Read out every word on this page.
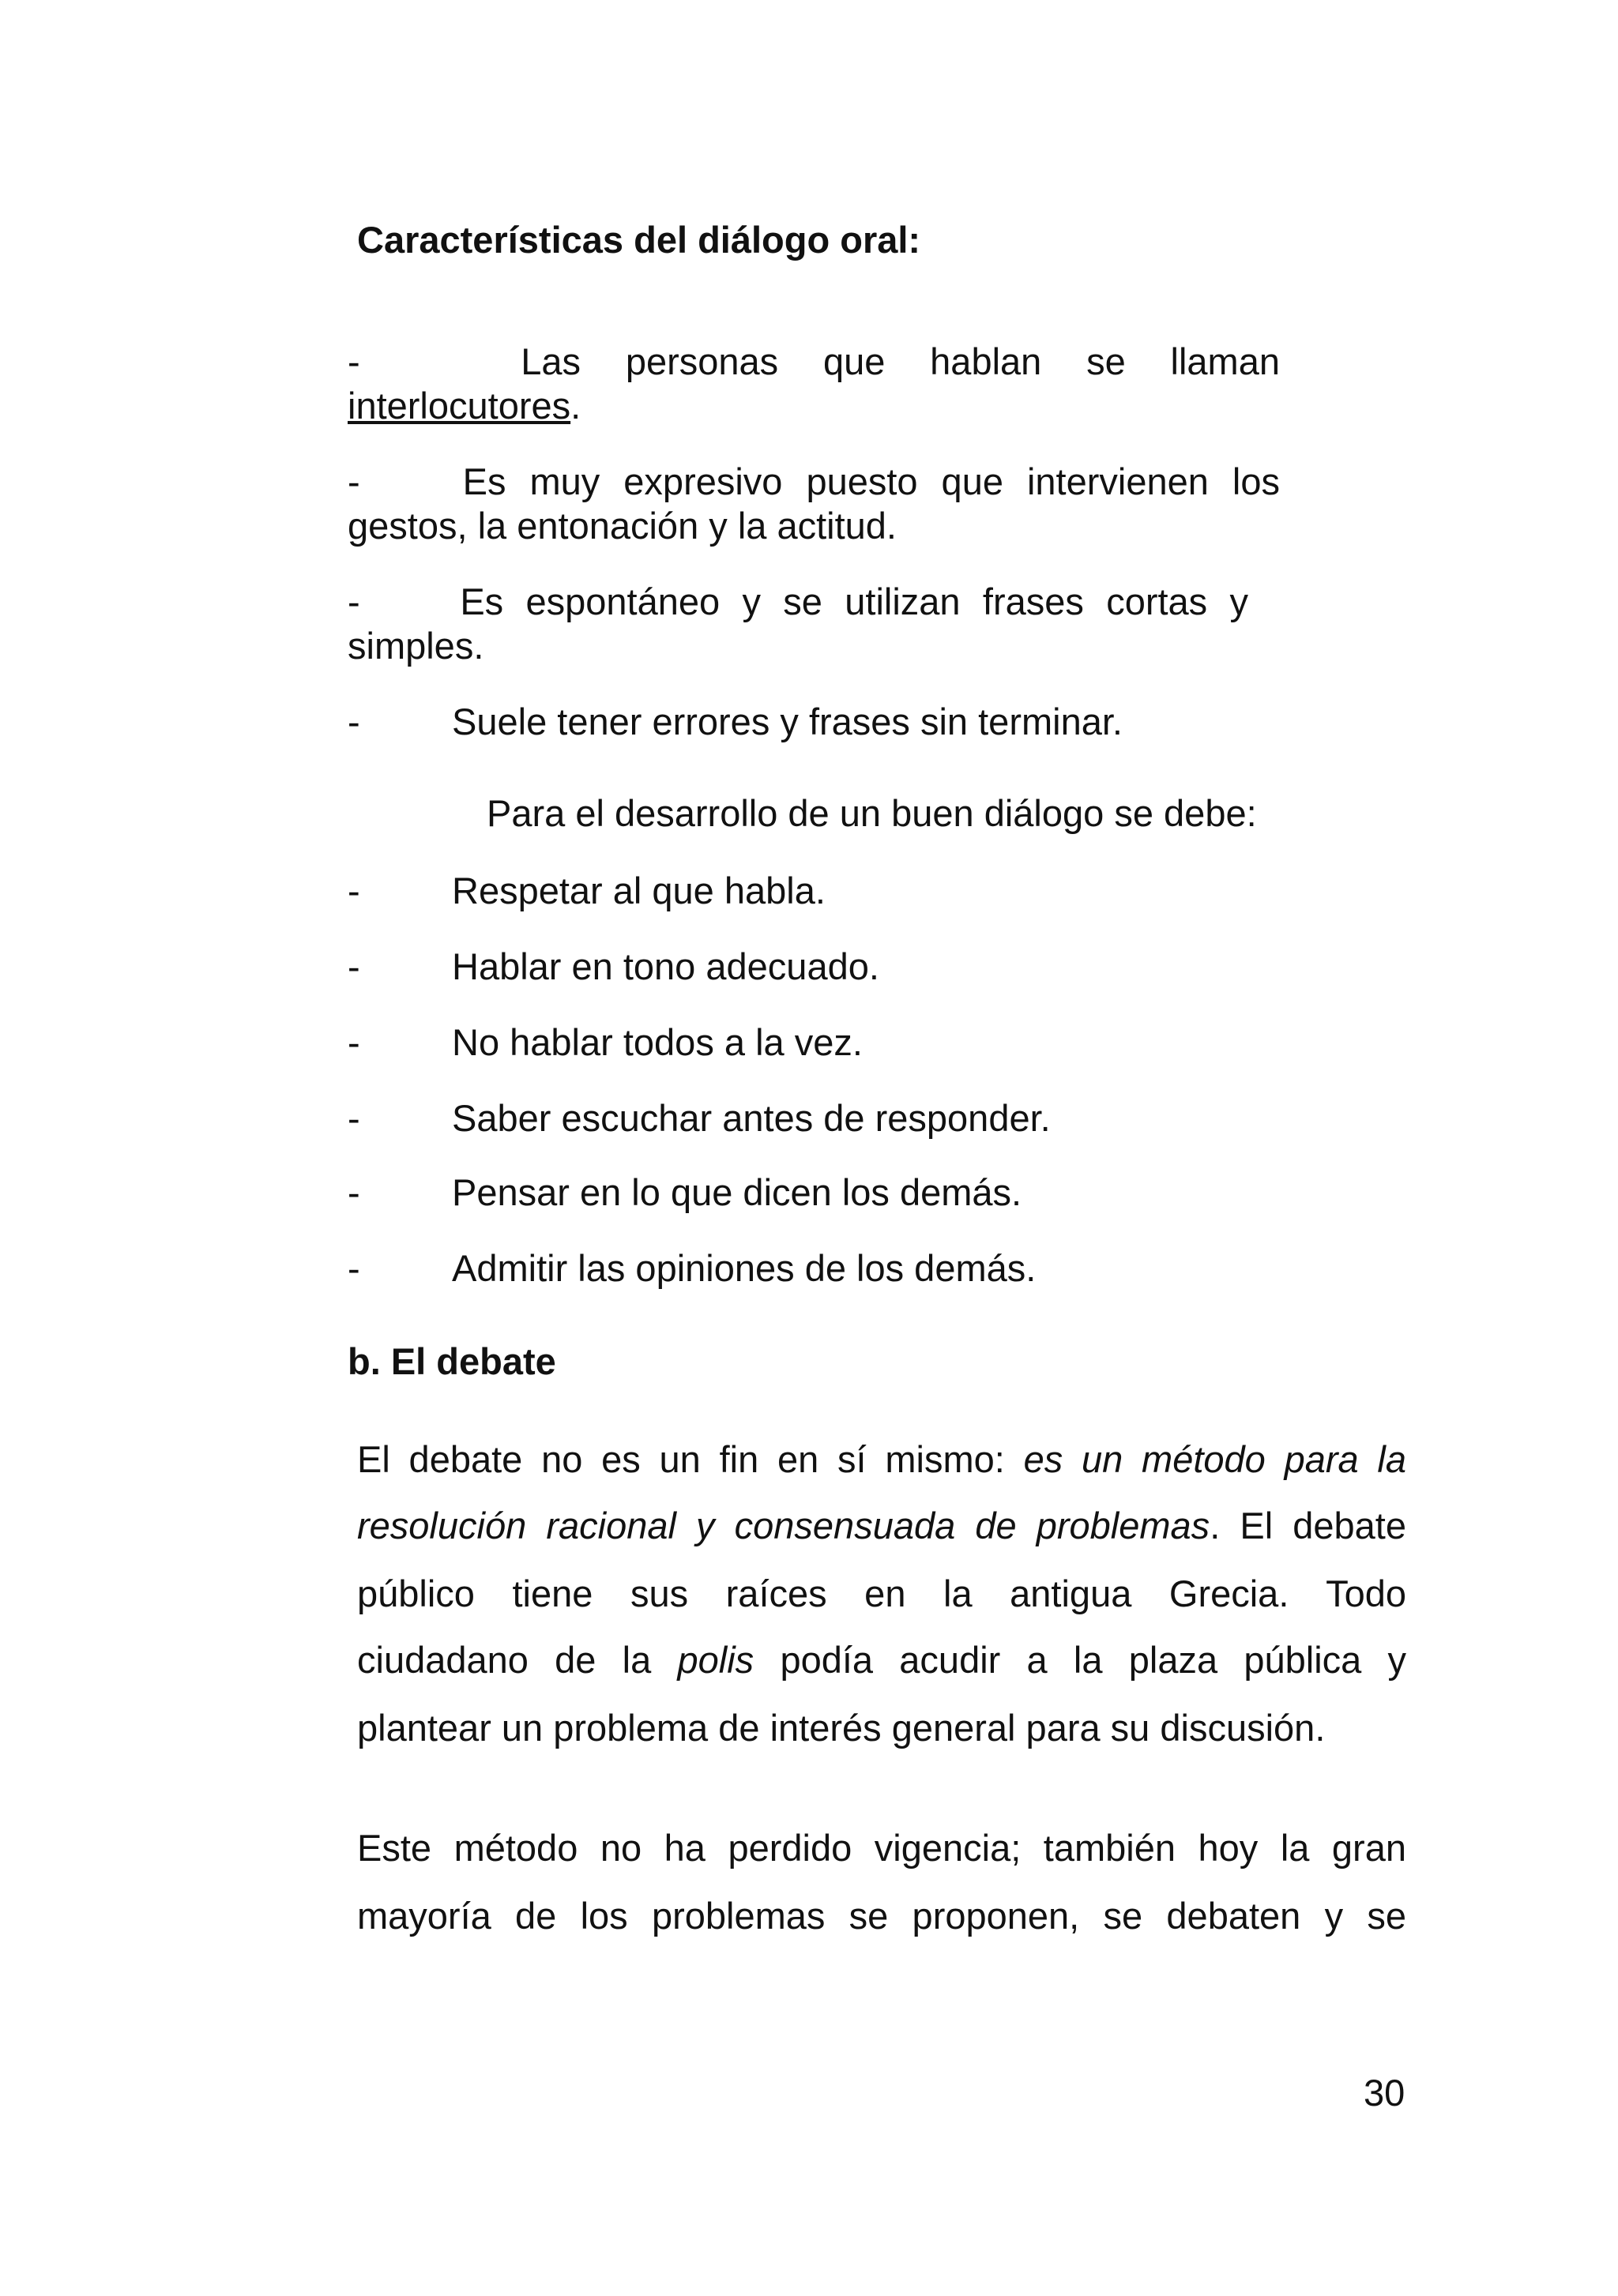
Características del diálogo oral:
-	Las personas que hablan se llaman
interlocutores.
-	Es muy expresivo puesto que intervienen los
gestos, la entonación y la actitud.
-	Es espontáneo y se utilizan frases cortas y
simples.
- Suele tener errores y frases sin terminar.
Para el desarrollo de un buen diálogo se debe:
- Respetar al que habla.
- Hablar en tono adecuado.
- No hablar todos a la vez.
- Saber escuchar antes de responder.
- Pensar en lo que dicen los demás.
- Admitir las opiniones de los demás.
b. El debate
El debate no es un fin en sí mismo: es un método para la
resolución racional y consensuada de problemas. El debate
público tiene sus raíces en la antigua Grecia. Todo
ciudadano de la polis podía acudir a la plaza pública y
plantear un problema de interés general para su discusión.
Este método no ha perdido vigencia; también hoy la gran
mayoría de los problemas se proponen, se debaten y se
30
